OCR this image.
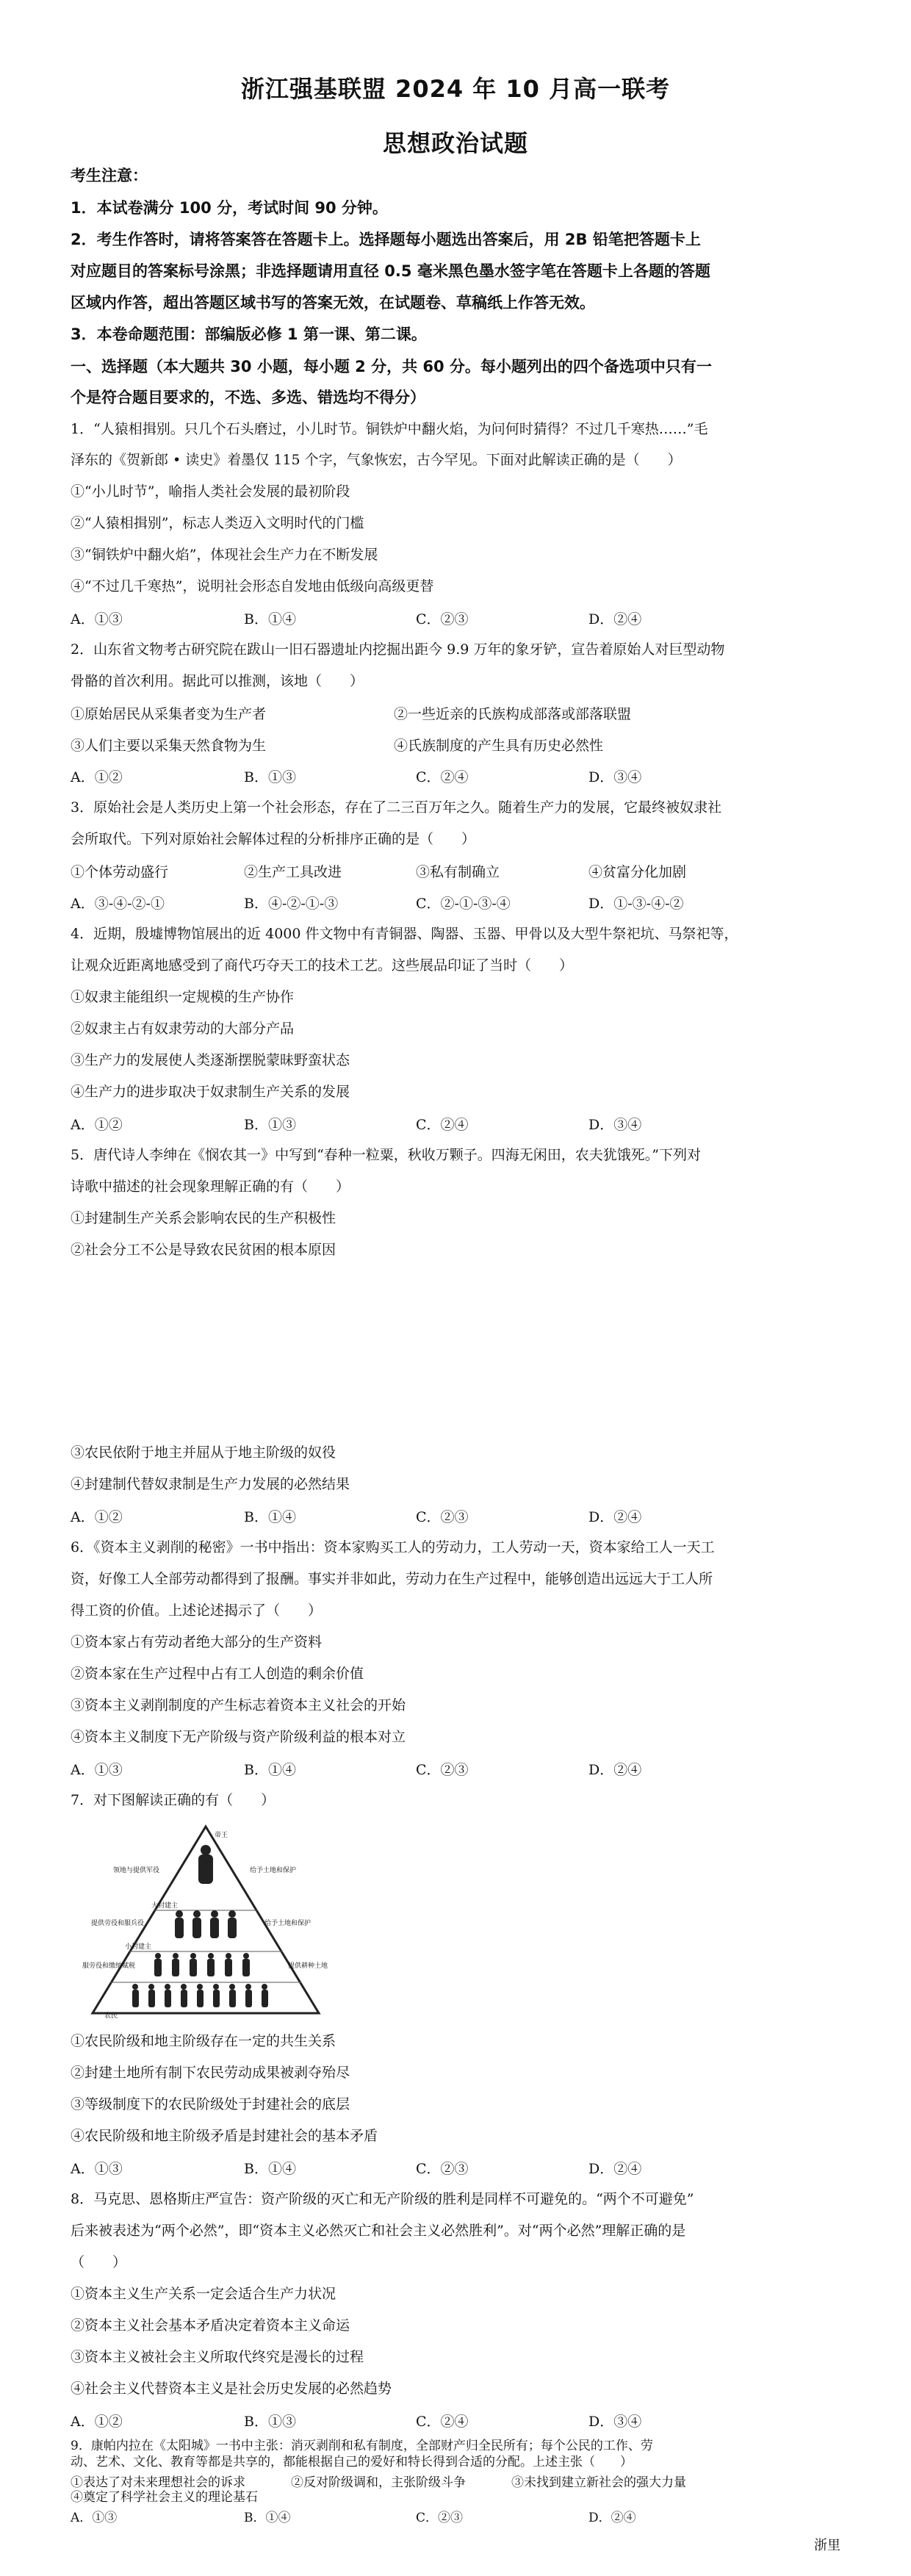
浙江强基联盟 2024 年 10 月高一联考
思想政治试题
考生注意：
1．本试卷满分 100 分，考试时间 90 分钟。
2．考生作答时，请将答案答在答题卡上。选择题每小题选出答案后，用 2B 铅笔把答题卡上
对应题目的答案标号涂黑；非选择题请用直径 0.5 毫米黑色墨水签字笔在答题卡上各题的答题
区域内作答，超出答题区域书写的答案无效，在试题卷、草稿纸上作答无效。
3．本卷命题范围：部编版必修 1 第一课、第二课。
一、选择题（本大题共 30 小题，每小题 2 分，共 60 分。每小题列出的四个备选项中只有一
个是符合题目要求的，不选、多选、错选均不得分）
1．“人猿相揖别。只几个石头磨过，小儿时节。铜铁炉中翻火焰，为问何时猜得？不过几千寒热……”毛
泽东的《贺新郎 • 读史》着墨仅 115 个字，气象恢宏，古今罕见。下面对此解读正确的是（　　）
①“小儿时节”，喻指人类社会发展的最初阶段
②“人猿相揖别”，标志人类迈入文明时代的门槛
③“铜铁炉中翻火焰”，体现社会生产力在不断发展
④“不过几千寒热”，说明社会形态自发地由低级向高级更替
A．①③	B．①④	C．②③	D．②④
2．山东省文物考古研究院在跋山一旧石器遗址内挖掘出距今 9.9 万年的象牙铲，宣告着原始人对巨型动物
骨骼的首次利用。据此可以推测，该地（　　）
①原始居民从采集者变为生产者	②一些近亲的氏族构成部落或部落联盟
③人们主要以采集天然食物为生	④氏族制度的产生具有历史必然性
A．①②	B．①③	C．②④	D．③④
3．原始社会是人类历史上第一个社会形态，存在了二三百万年之久。随着生产力的发展，它最终被奴隶社
会所取代。下列对原始社会解体过程的分析排序正确的是（　　）
①个体劳动盛行	②生产工具改进	③私有制确立	④贫富分化加剧
A．③-④-②-①	B．④-②-①-③	C．②-①-③-④	D．①-③-④-②
4．近期，殷墟博物馆展出的近 4000 件文物中有青铜器、陶器、玉器、甲骨以及大型牛祭祀坑、马祭祀等，
让观众近距离地感受到了商代巧夺天工的技术工艺。这些展品印证了当时（　　）
①奴隶主能组织一定规模的生产协作
②奴隶主占有奴隶劳动的大部分产品
③生产力的发展使人类逐渐摆脱蒙昧野蛮状态
④生产力的进步取决于奴隶制生产关系的发展
A．①②	B．①③	C．②④	D．③④
5．唐代诗人李绅在《悯农其一》中写到“春种一粒粟，秋收万颗子。四海无闲田，农夫犹饿死。”下列对
诗歌中描述的社会现象理解正确的有（　　）
①封建制生产关系会影响农民的生产积极性
②社会分工不公是导致农民贫困的根本原因
③农民依附于地主并屈从于地主阶级的奴役
④封建制代替奴隶制是生产力发展的必然结果
A．①②	B．①④	C．②③	D．②④
6．《资本主义剥削的秘密》一书中指出：资本家购买工人的劳动力，工人劳动一天，资本家给工人一天工
资，好像工人全部劳动都得到了报酬。事实并非如此，劳动力在生产过程中，能够创造出远远大于工人所
得工资的价值。上述论述揭示了（　　）
①资本家占有劳动者绝大部分的生产资料
②资本家在生产过程中占有工人创造的剩余价值
③资本主义剥削制度的产生标志着资本主义社会的开始
④资本主义制度下无产阶级与资产阶级利益的根本对立
A．①③	B．①④	C．②③	D．②④
7．对下图解读正确的有（　　）
帝王
领地与提供军役	给予土地和保护
大封建主
提供劳役和服兵役	给予土地和保护
小封建主
服劳役和缴纳赋税	提供耕种土地
农民
①农民阶级和地主阶级存在一定的共生关系
②封建土地所有制下农民劳动成果被剥夺殆尽
③等级制度下的农民阶级处于封建社会的底层
④农民阶级和地主阶级矛盾是封建社会的基本矛盾
A．①③	B．①④	C．②③	D．②④
8．马克思、恩格斯庄严宣告：资产阶级的灭亡和无产阶级的胜利是同样不可避免的。“两个不可避免”
后来被表述为“两个必然”，即“资本主义必然灭亡和社会主义必然胜利”。对“两个必然”理解正确的是
（　　）
①资本主义生产关系一定会适合生产力状况
②资本主义社会基本矛盾决定着资本主义命运
③资本主义被社会主义所取代终究是漫长的过程
④社会主义代替资本主义是社会历史发展的必然趋势
A．①②	B．①③	C．②④	D．③④
9．康帕内拉在《太阳城》一书中主张：消灭剥削和私有制度，全部财产归全民所有；每个公民的工作、劳
动、艺术、文化、教育等都是共享的，都能根据自己的爱好和特长得到合适的分配。上述主张（　　）
①表达了对未来理想社会的诉求	②反对阶级调和，主张阶级斗争	③未找到建立新社会的强大力量
④奠定了科学社会主义的理论基石
A．①③	B．①④	C．②③	D．②④
浙里
